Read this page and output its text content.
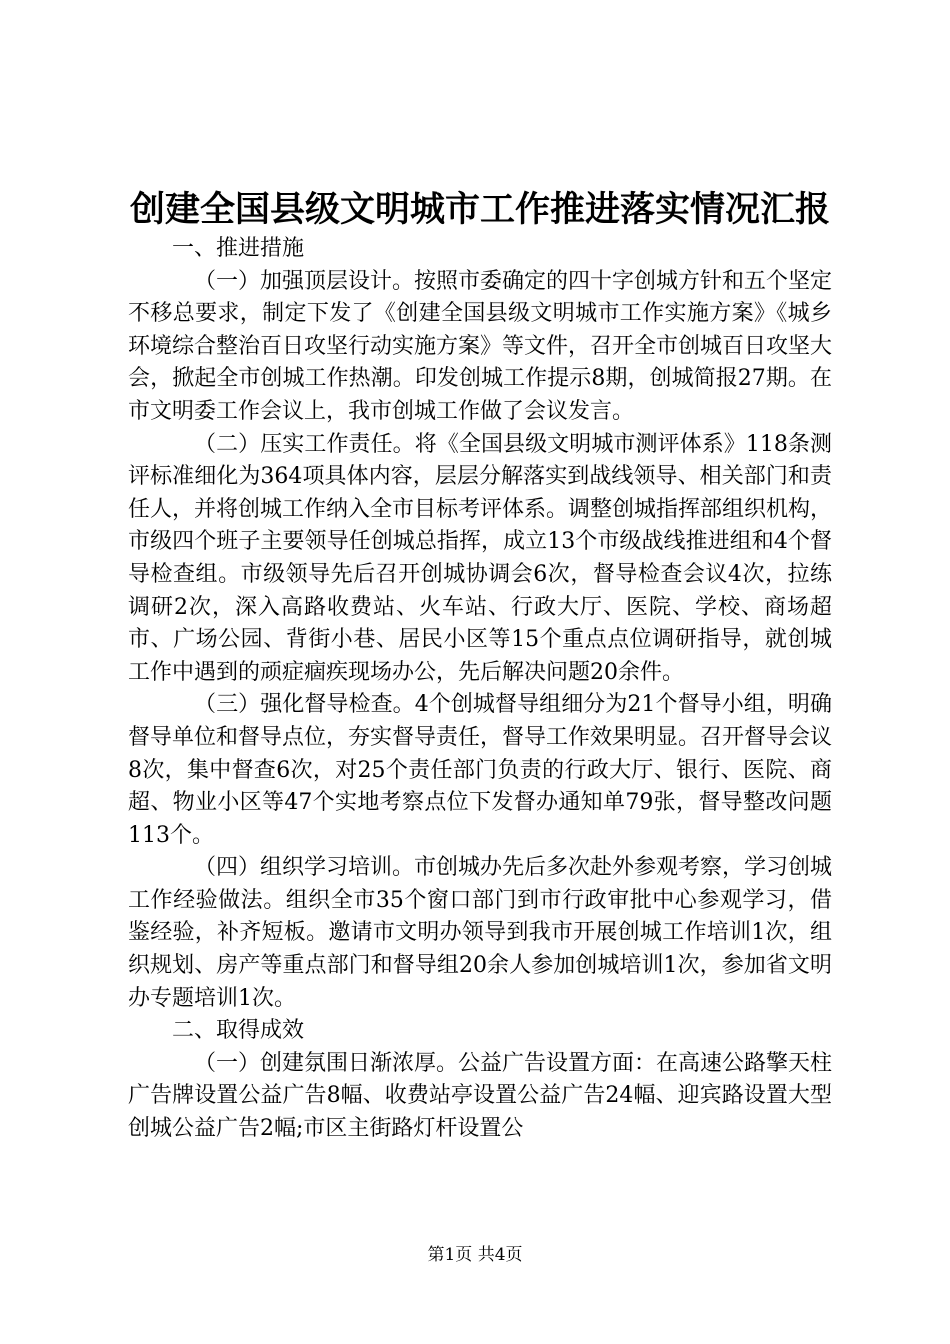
创建全国县级文明城市工作推进落实情况汇报

一、推进措施

（一）加强顶层设计。按照市委确定的四十字创城方针和五个坚定不移总要求，制定下发了《创建全国县级文明城市工作实施方案》《城乡环境综合整治百日攻坚行动实施方案》等文件，召开全市创城百日攻坚大会，掀起全市创城工作热潮。印发创城工作提示8期，创城简报27期。在市文明委工作会议上，我市创城工作做了会议发言。

（二）压实工作责任。将《全国县级文明城市测评体系》118条测评标准细化为364项具体内容，层层分解落实到战线领导、相关部门和责任人，并将创城工作纳入全市目标考评体系。调整创城指挥部组织机构，市级四个班子主要领导任创城总指挥，成立13个市级战线推进组和4个督导检查组。市级领导先后召开创城协调会6次，督导检查会议4次，拉练调研2次，深入高路收费站、火车站、行政大厅、医院、学校、商场超市、广场公园、背街小巷、居民小区等15个重点点位调研指导，就创城工作中遇到的顽症痼疾现场办公，先后解决问题20余件。

（三）强化督导检查。4个创城督导组细分为21个督导小组，明确督导单位和督导点位，夯实督导责任，督导工作效果明显。召开督导会议8次，集中督查6次，对25个责任部门负责的行政大厅、银行、医院、商超、物业小区等47个实地考察点位下发督办通知单79张，督导整改问题113个。

（四）组织学习培训。市创城办先后多次赴外参观考察，学习创城工作经验做法。组织全市35个窗口部门到市行政审批中心参观学习，借鉴经验，补齐短板。邀请市文明办领导到我市开展创城工作培训1次，组织规划、房产等重点部门和督导组20余人参加创城培训1次，参加省文明办专题培训1次。

二、取得成效

（一）创建氛围日渐浓厚。公益广告设置方面：在高速公路擎天柱广告牌设置公益广告8幅、收费站亭设置公益广告24幅、迎宾路设置大型创城公益广告2幅;市区主街路灯杆设置公

第1页 共4页
